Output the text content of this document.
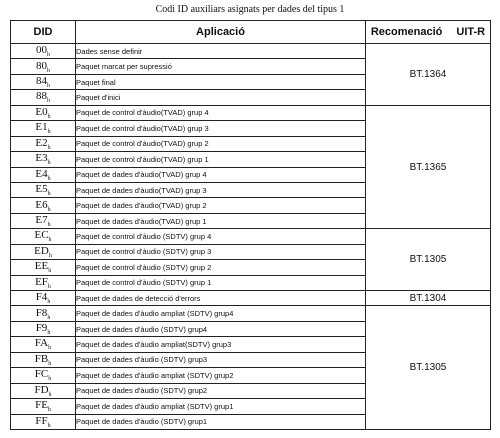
Codi ID auxiliars asignats per dades del tipus 1
DID	Aplicació	Recomenació UIT-R
$00_h$	Dades sense definir	BT.1364
$80_h$	Paquet marcat per supressió	
$84_h$	Paquet final	
$88_h$	Paquet d'inici	
$E0_h$	Paquet de control d'àudio(TVAD) grup 4	BT.1365
$E1_h$	Paquet de control d'àudio(TVAD) grup 3	
$E2_h$	Paquet de control d'àudio(TVAD) grup 2	
$E3_h$	Paquet de control d'àudio(TVAD) grup 1	
$E4_h$	Paquet de dades d'àudio(TVAD) grup 4	
$E5_h$	Paquet de dades d'àudio(TVAD) grup 3	
$E6_h$	Paquet de dades d'àudio(TVAD) grup 2	
$E7_h$	Paquet de dades d'àudio(TVAD) grup 1	
$EC_h$	Paquet de control d'àudio (SDTV) grup 4	BT.1305
$ED_h$	Paquet de control d'àudio (SDTV) grup 3	
$EE_h$	Paquet de control d'àudio (SDTV) grup 2	
$EF_h$	Paquet de control d'àudio (SDTV) grup 1	
$F4_h$	Paquet de dades de detecció d'errors	BT.1304
$F8_h$	Paquet de dades d'àudio ampliat (SDTV) grup4	BT.1305
$F9_h$	Paquet de dades d'àudio (SDTV) grup4	
$FA_h$	Paquet de dades d'àudio ampliat(SDTV) grup3	
$FB_h$	Paquet de dades d'àudio (SDTV) grup3	
$FC_h$	Paquet de dades d'àudio ampliat (SDTV) grup2	
$FD_h$	Paquet de dades d'àudio (SDTV) grup2	
$FE_h$	Paquet de dades d'àudio ampliat (SDTV) grup1	
$FF_h$	Paquet de dades d'àudio (SDTV) grup1	
